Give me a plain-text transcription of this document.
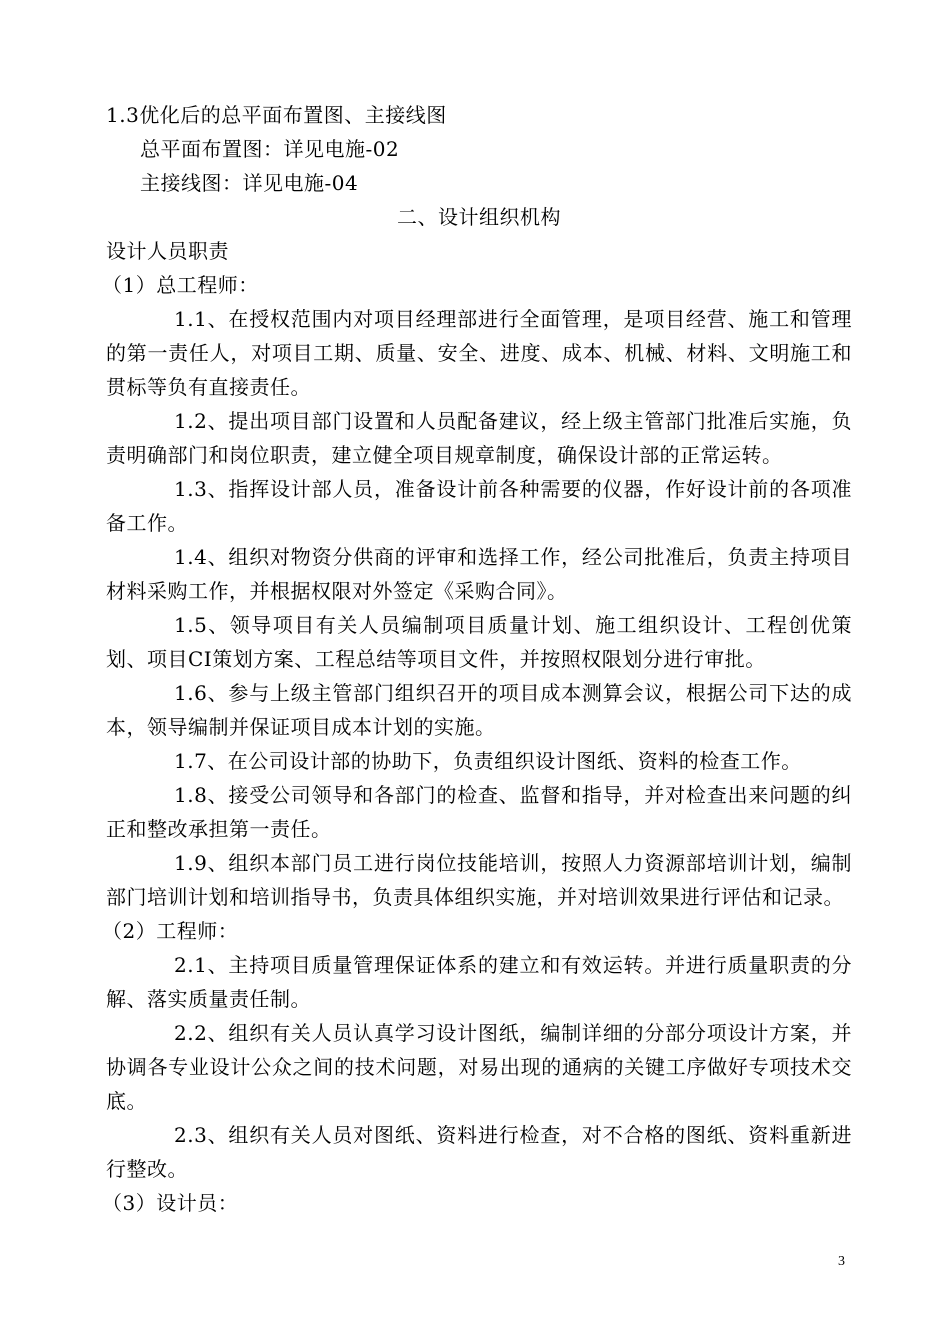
1.3优化后的总平面布置图、主接线图
总平面布置图：详见电施-02
主接线图：详见电施-04
二、设计组织机构
设计人员职责
（1）总工程师：
1.1、在授权范围内对项目经理部进行全面管理，是项目经营、施工和管理的第一责任人，对项目工期、质量、安全、进度、成本、机械、材料、文明施工和贯标等负有直接责任。
1.2、提出项目部门设置和人员配备建议，经上级主管部门批准后实施，负责明确部门和岗位职责，建立健全项目规章制度，确保设计部的正常运转。
1.3、指挥设计部人员，准备设计前各种需要的仪器，作好设计前的各项准备工作。
1.4、组织对物资分供商的评审和选择工作，经公司批准后，负责主持项目材料采购工作，并根据权限对外签定《采购合同》。
1.5、领导项目有关人员编制项目质量计划、施工组织设计、工程创优策划、项目CI策划方案、工程总结等项目文件，并按照权限划分进行审批。
1.6、参与上级主管部门组织召开的项目成本测算会议，根据公司下达的成本，领导编制并保证项目成本计划的实施。
1.7、在公司设计部的协助下，负责组织设计图纸、资料的检查工作。
1.8、接受公司领导和各部门的检查、监督和指导，并对检查出来问题的纠正和整改承担第一责任。
1.9、组织本部门员工进行岗位技能培训，按照人力资源部培训计划，编制部门培训计划和培训指导书，负责具体组织实施，并对培训效果进行评估和记录。
（2）工程师：
2.1、主持项目质量管理保证体系的建立和有效运转。并进行质量职责的分解、落实质量责任制。
2.2、组织有关人员认真学习设计图纸，编制详细的分部分项设计方案，并协调各专业设计公众之间的技术问题，对易出现的通病的关键工序做好专项技术交底。
2.3、组织有关人员对图纸、资料进行检查，对不合格的图纸、资料重新进行整改。
（3）设计员：
3
